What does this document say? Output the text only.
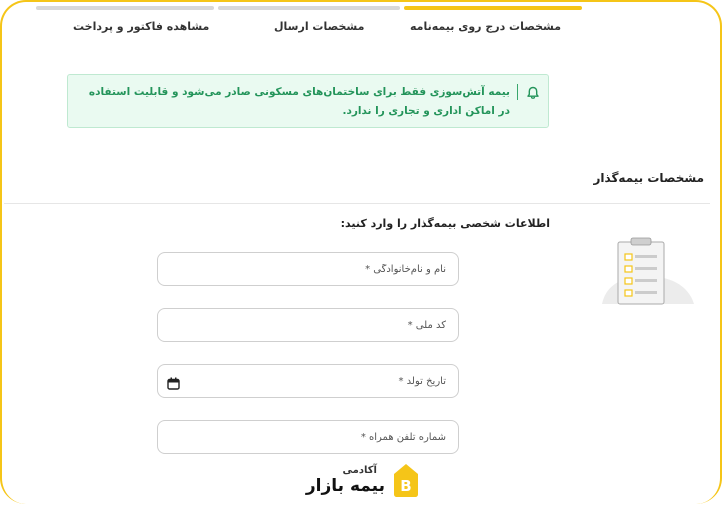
مشخصات درج روی بیمه‌نامه
مشخصات ارسال
مشاهده فاکتور و پرداخت
بیمه آتش‌سوزی فقط برای ساختمان‌های مسکونی صادر می‌شود و قابلیت استفاده در اماکن اداری و تجاری را ندارد.
مشخصات بیمه‌گذار
اطلاعات شخصی بیمه‌گذار را وارد کنید:
نام و نام‌خانوادگی *
کد ملی *
تاریخ تولد *
شماره تلفن همراه *
B
آکادمی
بیمه بازار
